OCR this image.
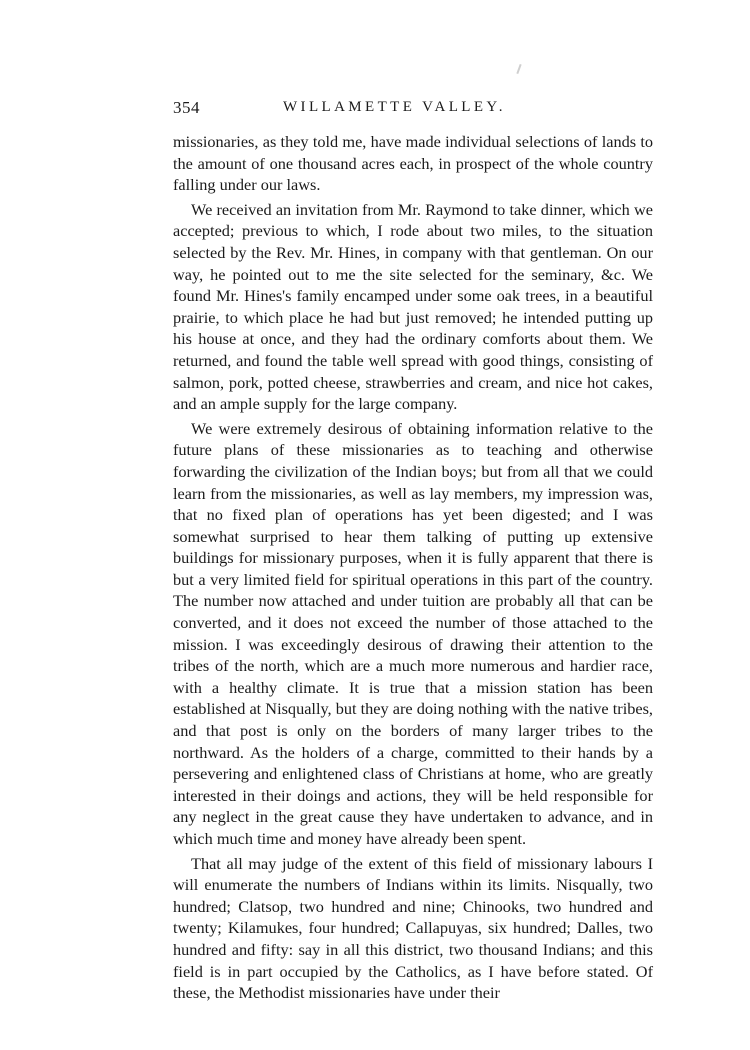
354	WILLAMETTE VALLEY.

missionaries, as they told me, have made individual selections of lands to the amount of one thousand acres each, in prospect of the whole country falling under our laws.

We received an invitation from Mr. Raymond to take dinner, which we accepted; previous to which, I rode about two miles, to the situation selected by the Rev. Mr. Hines, in company with that gentleman. On our way, he pointed out to me the site selected for the seminary, &c. We found Mr. Hines's family encamped under some oak trees, in a beautiful prairie, to which place he had but just removed; he intended putting up his house at once, and they had the ordinary comforts about them. We returned, and found the table well spread with good things, consisting of salmon, pork, potted cheese, strawberries and cream, and nice hot cakes, and an ample supply for the large company.

We were extremely desirous of obtaining information relative to the future plans of these missionaries as to teaching and otherwise forwarding the civilization of the Indian boys; but from all that we could learn from the missionaries, as well as lay members, my impression was, that no fixed plan of operations has yet been digested; and I was somewhat surprised to hear them talking of putting up extensive buildings for missionary purposes, when it is fully apparent that there is but a very limited field for spiritual operations in this part of the country. The number now attached and under tuition are probably all that can be converted, and it does not exceed the number of those attached to the mission. I was exceedingly desirous of drawing their attention to the tribes of the north, which are a much more numerous and hardier race, with a healthy climate. It is true that a mission station has been established at Nisqually, but they are doing nothing with the native tribes, and that post is only on the borders of many larger tribes to the northward. As the holders of a charge, committed to their hands by a persevering and enlightened class of Christians at home, who are greatly interested in their doings and actions, they will be held responsible for any neglect in the great cause they have undertaken to advance, and in which much time and money have already been spent.

That all may judge of the extent of this field of missionary labours I will enumerate the numbers of Indians within its limits. Nisqually, two hundred; Clatsop, two hundred and nine; Chinooks, two hundred and twenty; Kilamukes, four hundred; Callapuyas, six hundred; Dalles, two hundred and fifty: say in all this district, two thousand Indians; and this field is in part occupied by the Catholics, as I have before stated. Of these, the Methodist missionaries have under their
